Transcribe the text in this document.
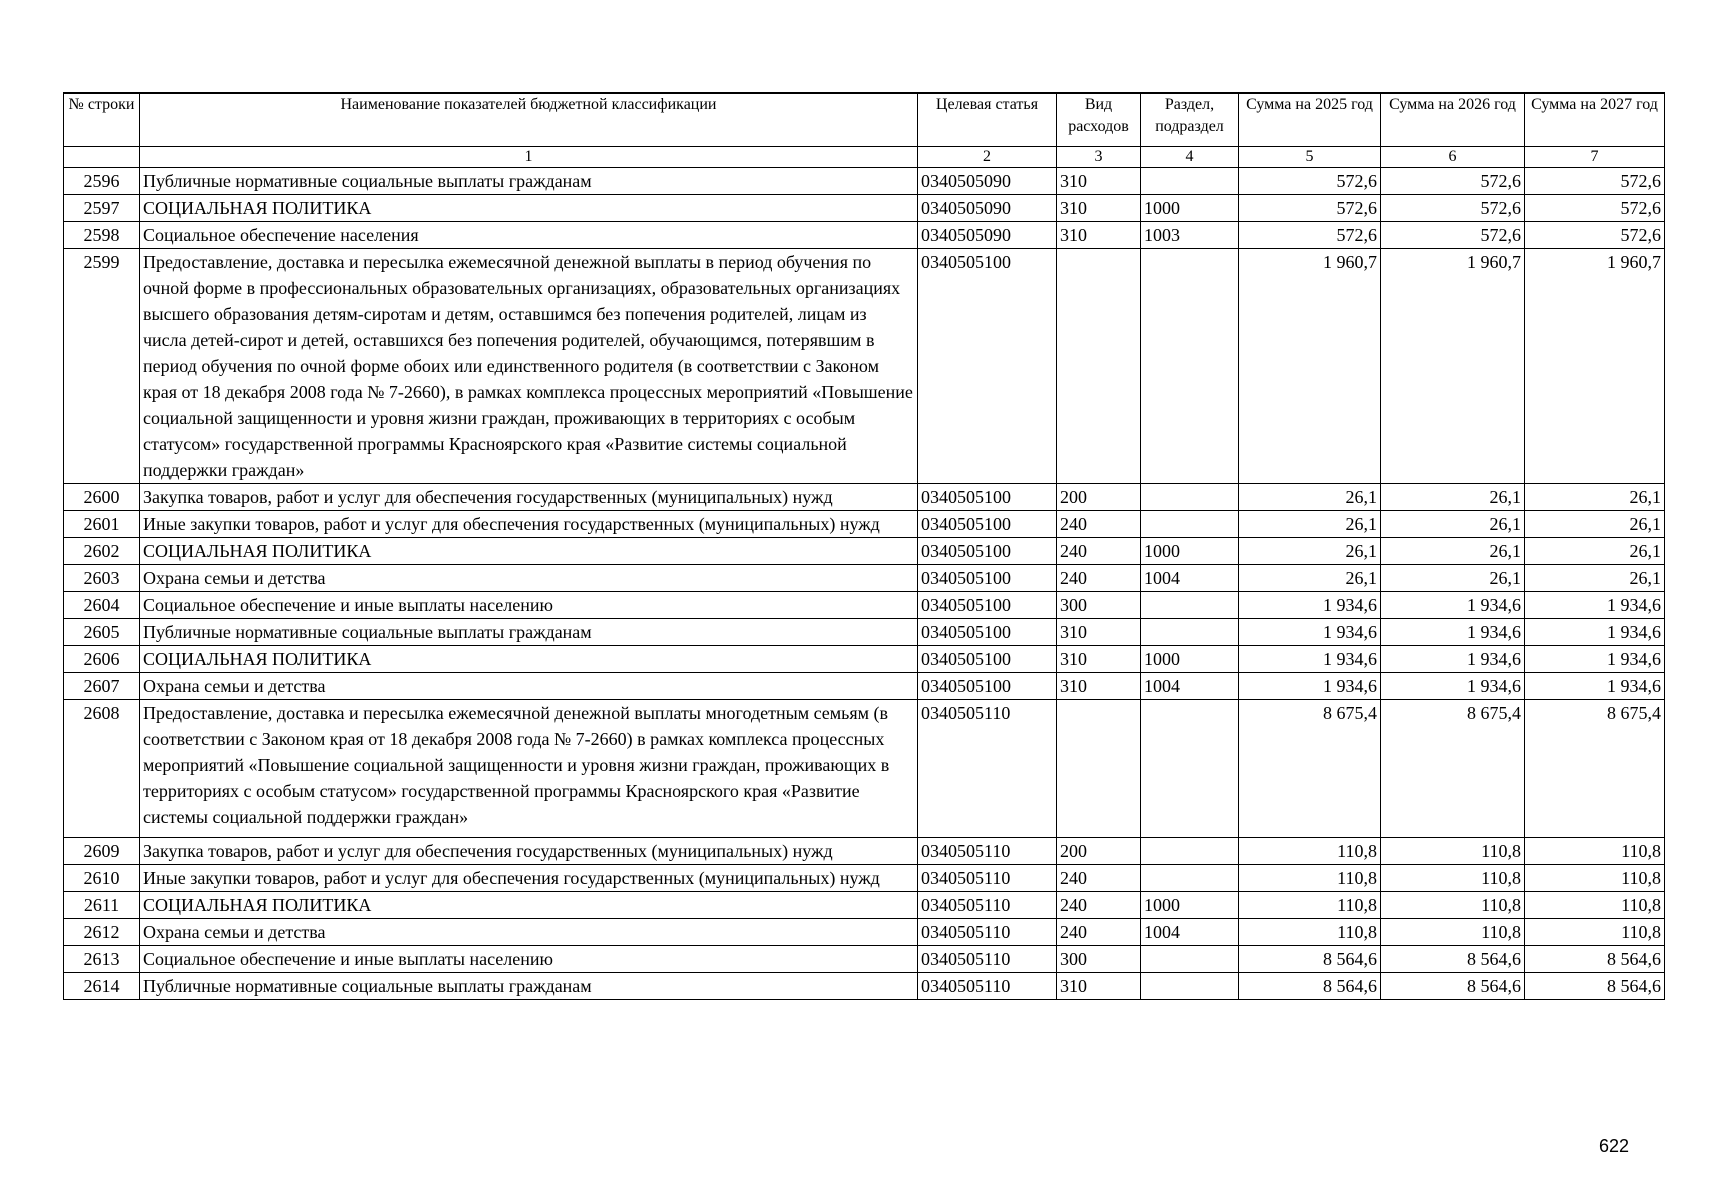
№ строки	Наименование показателей бюджетной классификации	Целевая статья	Вид расходов	Раздел, подраздел	Сумма на 2025 год	Сумма на 2026 год	Сумма на 2027 год
	1	2	3	4	5	6	7
2596	Публичные нормативные социальные выплаты гражданам	0340505090	310		572,6	572,6	572,6
2597	СОЦИАЛЬНАЯ ПОЛИТИКА	0340505090	310	1000	572,6	572,6	572,6
2598	Социальное обеспечение населения	0340505090	310	1003	572,6	572,6	572,6
2599	Предоставление, доставка и пересылка ежемесячной денежной выплаты в период обучения по очной форме в профессиональных образовательных организациях, образовательных организациях высшего образования детям-сиротам и детям, оставшимся без попечения родителей, лицам из числа детей-сирот и детей, оставшихся без попечения родителей, обучающимся, потерявшим в период обучения по очной форме обоих или единственного родителя (в соответствии с Законом края от 18 декабря 2008 года № 7-2660), в рамках комплекса процессных мероприятий «Повышение социальной защищенности и уровня жизни граждан, проживающих в территориях с особым статусом» государственной программы Красноярского края «Развитие системы социальной поддержки граждан»	0340505100			1 960,7	1 960,7	1 960,7
2600	Закупка товаров, работ и услуг для обеспечения государственных (муниципальных) нужд	0340505100	200		26,1	26,1	26,1
2601	Иные закупки товаров, работ и услуг для обеспечения государственных (муниципальных) нужд	0340505100	240		26,1	26,1	26,1
2602	СОЦИАЛЬНАЯ ПОЛИТИКА	0340505100	240	1000	26,1	26,1	26,1
2603	Охрана семьи и детства	0340505100	240	1004	26,1	26,1	26,1
2604	Социальное обеспечение и иные выплаты населению	0340505100	300		1 934,6	1 934,6	1 934,6
2605	Публичные нормативные социальные выплаты гражданам	0340505100	310		1 934,6	1 934,6	1 934,6
2606	СОЦИАЛЬНАЯ ПОЛИТИКА	0340505100	310	1000	1 934,6	1 934,6	1 934,6
2607	Охрана семьи и детства	0340505100	310	1004	1 934,6	1 934,6	1 934,6
2608	Предоставление, доставка и пересылка ежемесячной денежной выплаты многодетным семьям (в соответствии с Законом края от 18 декабря 2008 года № 7-2660) в рамках комплекса процессных мероприятий «Повышение социальной защищенности и уровня жизни граждан, проживающих в территориях с особым статусом» государственной программы Красноярского края «Развитие системы социальной поддержки граждан»	0340505110			8 675,4	8 675,4	8 675,4
2609	Закупка товаров, работ и услуг для обеспечения государственных (муниципальных) нужд	0340505110	200		110,8	110,8	110,8
2610	Иные закупки товаров, работ и услуг для обеспечения государственных (муниципальных) нужд	0340505110	240		110,8	110,8	110,8
2611	СОЦИАЛЬНАЯ ПОЛИТИКА	0340505110	240	1000	110,8	110,8	110,8
2612	Охрана семьи и детства	0340505110	240	1004	110,8	110,8	110,8
2613	Социальное обеспечение и иные выплаты населению	0340505110	300		8 564,6	8 564,6	8 564,6
2614	Публичные нормативные социальные выплаты гражданам	0340505110	310		8 564,6	8 564,6	8 564,6
622
